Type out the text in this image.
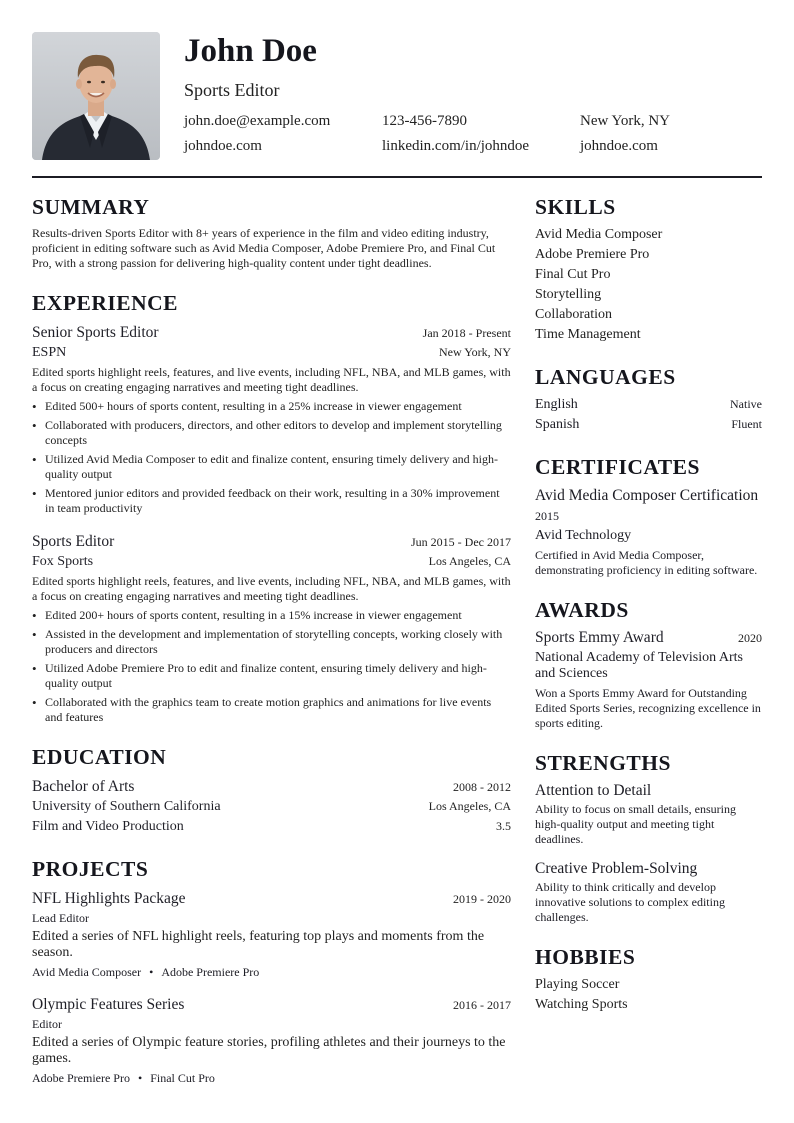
John Doe
Sports Editor
john.doe@example.com	123-456-7890	New York, NY
johndoe.com	linkedin.com/in/johndoe	johndoe.com
SUMMARY
Results-driven Sports Editor with 8+ years of experience in the film and video editing industry, proficient in editing software such as Avid Media Composer, Adobe Premiere Pro, and Final Cut Pro, with a strong passion for delivering high-quality content under tight deadlines.
EXPERIENCE
Senior Sports Editor	Jan 2018 - Present
ESPN	New York, NY
Edited sports highlight reels, features, and live events, including NFL, NBA, and MLB games, with a focus on creating engaging narratives and meeting tight deadlines.
• Edited 500+ hours of sports content, resulting in a 25% increase in viewer engagement
• Collaborated with producers, directors, and other editors to develop and implement storytelling concepts
• Utilized Avid Media Composer to edit and finalize content, ensuring timely delivery and high-quality output
• Mentored junior editors and provided feedback on their work, resulting in a 30% improvement in team productivity
Sports Editor	Jun 2015 - Dec 2017
Fox Sports	Los Angeles, CA
Edited sports highlight reels, features, and live events, including NFL, NBA, and MLB games, with a focus on creating engaging narratives and meeting tight deadlines.
• Edited 200+ hours of sports content, resulting in a 15% increase in viewer engagement
• Assisted in the development and implementation of storytelling concepts, working closely with producers and directors
• Utilized Adobe Premiere Pro to edit and finalize content, ensuring timely delivery and high-quality output
• Collaborated with the graphics team to create motion graphics and animations for live events and features
EDUCATION
Bachelor of Arts	2008 - 2012
University of Southern California	Los Angeles, CA
Film and Video Production	3.5
PROJECTS
NFL Highlights Package	2019 - 2020
Lead Editor
Edited a series of NFL highlight reels, featuring top plays and moments from the season.
Avid Media Composer • Adobe Premiere Pro
Olympic Features Series	2016 - 2017
Editor
Edited a series of Olympic feature stories, profiling athletes and their journeys to the games.
Adobe Premiere Pro • Final Cut Pro
SKILLS
Avid Media Composer
Adobe Premiere Pro
Final Cut Pro
Storytelling
Collaboration
Time Management
LANGUAGES
English	Native
Spanish	Fluent
CERTIFICATES
Avid Media Composer Certification
2015
Avid Technology
Certified in Avid Media Composer, demonstrating proficiency in editing software.
AWARDS
Sports Emmy Award	2020
National Academy of Television Arts and Sciences
Won a Sports Emmy Award for Outstanding Edited Sports Series, recognizing excellence in sports editing.
STRENGTHS
Attention to Detail
Ability to focus on small details, ensuring high-quality output and meeting tight deadlines.
Creative Problem-Solving
Ability to think critically and develop innovative solutions to complex editing challenges.
HOBBIES
Playing Soccer
Watching Sports
